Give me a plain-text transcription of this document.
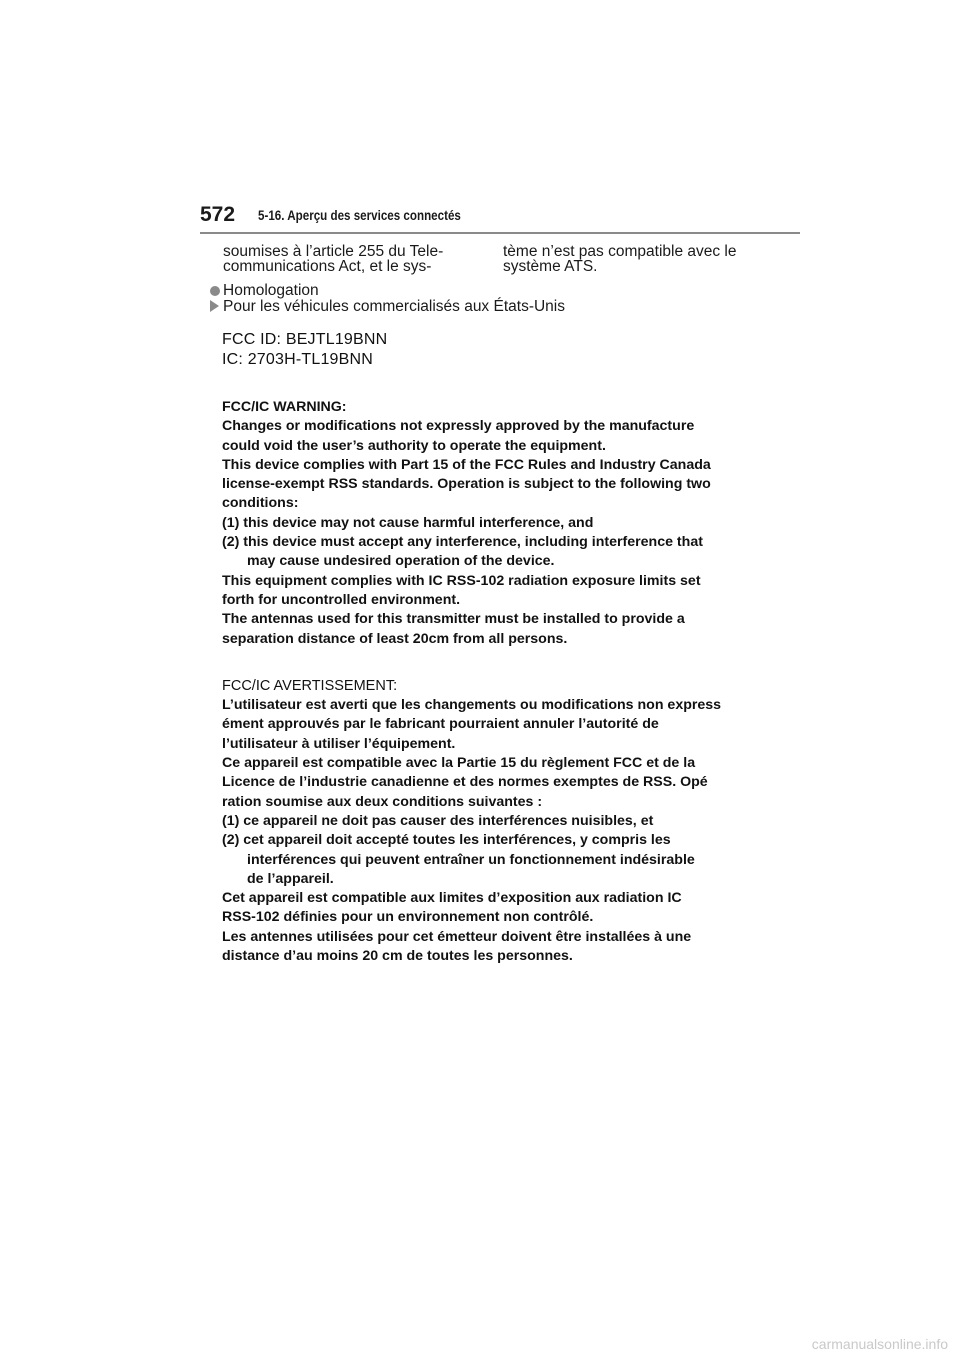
572 5-16. Aperçu des services connectés
soumises à l’article 255 du Tele-
communications Act, et le sys-
tème n’est pas compatible avec le
système ATS.
Homologation
Pour les véhicules commercialisés aux États-Unis
FCC ID: BEJTL19BNN
IC: 2703H-TL19BNN
FCC/IC WARNING:
Changes or modifications not expressly approved by the manufacture
could void the user’s authority to operate the equipment.
This device complies with Part 15 of the FCC Rules and Industry Canada
license-exempt RSS standards. Operation is subject to the following two
conditions:
(1) this device may not cause harmful interference, and
(2) this device must accept any interference, including interference that
may cause undesired operation of the device.
This equipment complies with IC RSS-102 radiation exposure limits set
forth for uncontrolled environment.
The antennas used for this transmitter must be installed to provide a
separation distance of least 20cm from all persons.
FCC/IC AVERTISSEMENT:
L’utilisateur est averti que les changements ou modifications non express
ément approuvés par le fabricant pourraient annuler l’autorité de
l’utilisateur à utiliser l’équipement.
Ce appareil est compatible avec la Partie 15 du règlement FCC et de la
Licence de l’industrie canadienne et des normes exemptes de RSS. Opé
ration soumise aux deux conditions suivantes :
(1) ce appareil ne doit pas causer des interférences nuisibles, et
(2) cet appareil doit accepté toutes les interférences, y compris les
interférences qui peuvent entraîner un fonctionnement indésirable
de l’appareil.
Cet appareil est compatible aux limites d’exposition aux radiation IC
RSS-102 définies pour un environnement non contrôlé.
Les antennes utilisées pour cet émetteur doivent être installées à une
distance d’au moins 20 cm de toutes les personnes.
carmanualsonline.info
